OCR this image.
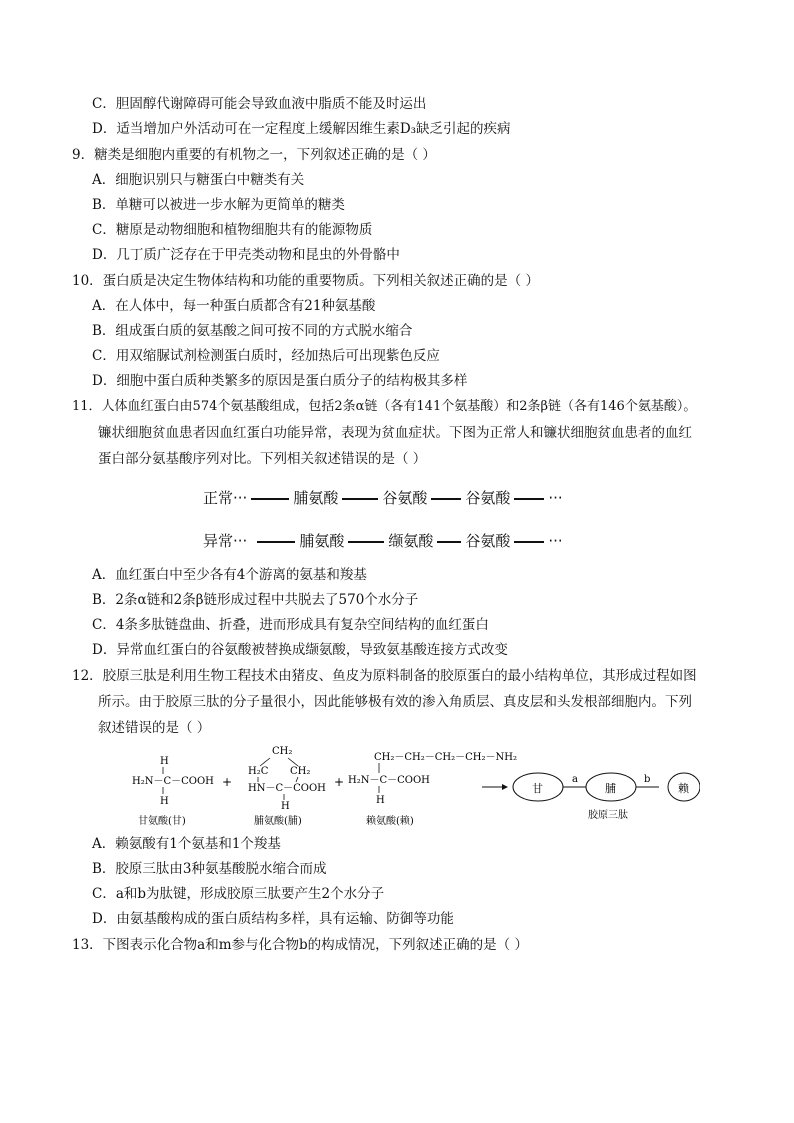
C．胆固醇代谢障碍可能会导致血液中脂质不能及时运出
D．适当增加户外活动可在一定程度上缓解因维生素D₃缺乏引起的疾病
9．糖类是细胞内重要的有机物之一，下列叙述正确的是（ ）
A．细胞识别只与糖蛋白中糖类有关
B．单糖可以被进一步水解为更简单的糖类
C．糖原是动物细胞和植物细胞共有的能源物质
D．几丁质广泛存在于甲壳类动物和昆虫的外骨骼中
10．蛋白质是决定生物体结构和功能的重要物质。下列相关叙述正确的是（ ）
A．在人体中，每一种蛋白质都含有21种氨基酸
B．组成蛋白质的氨基酸之间可按不同的方式脱水缩合
C．用双缩脲试剂检测蛋白质时，经加热后可出现紫色反应
D．细胞中蛋白质种类繁多的原因是蛋白质分子的结构极其多样
11．人体血红蛋白由574个氨基酸组成，包括2条α链（各有141个氨基酸）和2条β链（各有146个氨基酸）。
镰状细胞贫血患者因血红蛋白功能异常，表现为贫血症状。下图为正常人和镰状细胞贫血患者的血红
蛋白部分氨基酸序列对比。下列相关叙述错误的是（ ）
正常···	脯氨酸	谷氨酸	谷氨酸	···
异常···	脯氨酸	缬氨酸 谷氨酸	···
A．血红蛋白中至少各有4个游离的氨基和羧基
B．2条α链和2条β链形成过程中共脱去了570个水分子
C．4条多肽链盘曲、折叠，进而形成具有复杂空间结构的血红蛋白
D．异常血红蛋白的谷氨酸被替换成缬氨酸，导致氨基酸连接方式改变
12．胶原三肽是利用生物工程技术由猪皮、鱼皮为原料制备的胶原蛋白的最小结构单位，其形成过程如图
所示。由于胶原三肽的分子量很小，因此能够极有效的渗入角质层、真皮层和头发根部细胞内。下列
叙述错误的是（ ）
H
H₂N－C－COOH
H
甘氨酸(甘)
+
CH₂
H₂C CH₂
HN－C－COOH
H
脯氨酸(脯)
+
CH₂－CH₂－CH₂－CH₂－NH₂
H₂N－C－COOH
H
赖氨酸(赖)
甘
a
脯
b
赖
胶原三肽
A．赖氨酸有1个氨基和1个羧基
B．胶原三肽由3种氨基酸脱水缩合而成
C．a和b为肽键，形成胶原三肽要产生2个水分子
D．由氨基酸构成的蛋白质结构多样，具有运输、防御等功能
13．下图表示化合物a和m参与化合物b的构成情况，下列叙述正确的是（ ）
